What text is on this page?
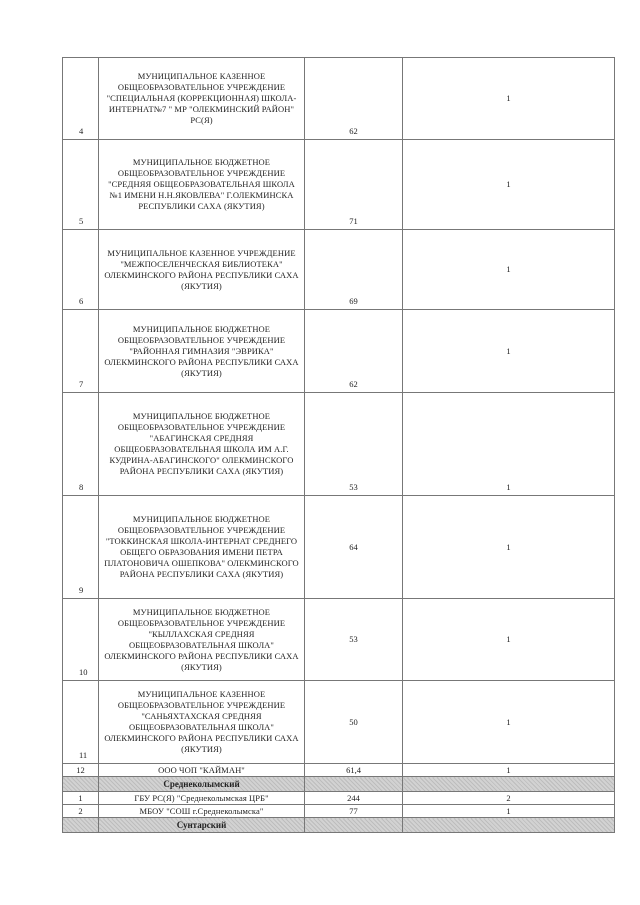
4	МУНИЦИПАЛЬНОЕ КАЗЕННОЕ ОБЩЕОБРАЗОВАТЕЛЬНОЕ УЧРЕЖДЕНИЕ "СПЕЦИАЛЬНАЯ (КОРРЕКЦИОННАЯ) ШКОЛА-ИНТЕРНАТ№7 " МР "ОЛЕКМИНСКИЙ РАЙОН" РС(Я)	62	1
5	МУНИЦИПАЛЬНОЕ БЮДЖЕТНОЕ ОБЩЕОБРАЗОВАТЕЛЬНОЕ УЧРЕЖДЕНИЕ "СРЕДНЯЯ ОБЩЕОБРАЗОВАТЕЛЬНАЯ ШКОЛА №1 ИМЕНИ Н.Н.ЯКОВЛЕВА" Г.ОЛЕКМИНСКА РЕСПУБЛИКИ САХА (ЯКУТИЯ)	71	1
6	МУНИЦИПАЛЬНОЕ КАЗЕННОЕ УЧРЕЖДЕНИЕ "МЕЖПОСЕЛЕНЧЕСКАЯ БИБЛИОТЕКА" ОЛЕКМИНСКОГО РАЙОНА РЕСПУБЛИКИ САХА (ЯКУТИЯ)	69	1
7	МУНИЦИПАЛЬНОЕ БЮДЖЕТНОЕ ОБЩЕОБРАЗОВАТЕЛЬНОЕ УЧРЕЖДЕНИЕ "РАЙОННАЯ ГИМНАЗИЯ "ЭВРИКА" ОЛЕКМИНСКОГО РАЙОНА РЕСПУБЛИКИ САХА (ЯКУТИЯ)	62	1
8	МУНИЦИПАЛЬНОЕ БЮДЖЕТНОЕ ОБЩЕОБРАЗОВАТЕЛЬНОЕ УЧРЕЖДЕНИЕ "АБАГИНСКАЯ СРЕДНЯЯ ОБЩЕОБРАЗОВАТЕЛЬНАЯ ШКОЛА ИМ А.Г. КУДРИНА-АБАГИНСКОГО" ОЛЕКМИНСКОГО РАЙОНА РЕСПУБЛИКИ САХА (ЯКУТИЯ)	53	1
9	МУНИЦИПАЛЬНОЕ БЮДЖЕТНОЕ ОБЩЕОБРАЗОВАТЕЛЬНОЕ УЧРЕЖДЕНИЕ "ТОККИНСКАЯ ШКОЛА-ИНТЕРНАТ СРЕДНЕГО ОБЩЕГО ОБРАЗОВАНИЯ ИМЕНИ ПЕТРА ПЛАТОНОВИЧА ОШЕПКОВА" ОЛЕКМИНСКОГО РАЙОНА РЕСПУБЛИКИ САХА (ЯКУТИЯ)	64	1
10	МУНИЦИПАЛЬНОЕ БЮДЖЕТНОЕ ОБЩЕОБРАЗОВАТЕЛЬНОЕ УЧРЕЖДЕНИЕ "КЫЛЛАХСКАЯ СРЕДНЯЯ ОБЩЕОБРАЗОВАТЕЛЬНАЯ ШКОЛА" ОЛЕКМИНСКОГО РАЙОНА РЕСПУБЛИКИ САХА (ЯКУТИЯ)	53	1
11	МУНИЦИПАЛЬНОЕ КАЗЕННОЕ ОБЩЕОБРАЗОВАТЕЛЬНОЕ УЧРЕЖДЕНИЕ "САНЬЯХТАХСКАЯ СРЕДНЯЯ ОБЩЕОБРАЗОВАТЕЛЬНАЯ ШКОЛА" ОЛЕКМИНСКОГО РАЙОНА РЕСПУБЛИКИ САХА (ЯКУТИЯ)	50	1
12	ООО ЧОП "КАЙМАН"	61,4	1
	Среднеколымский		
1	ГБУ РС(Я) "Среднеколымская ЦРБ"	244	2
2	МБОУ "СОШ г.Среднеколымска"	77	1
	Сунтарский		
